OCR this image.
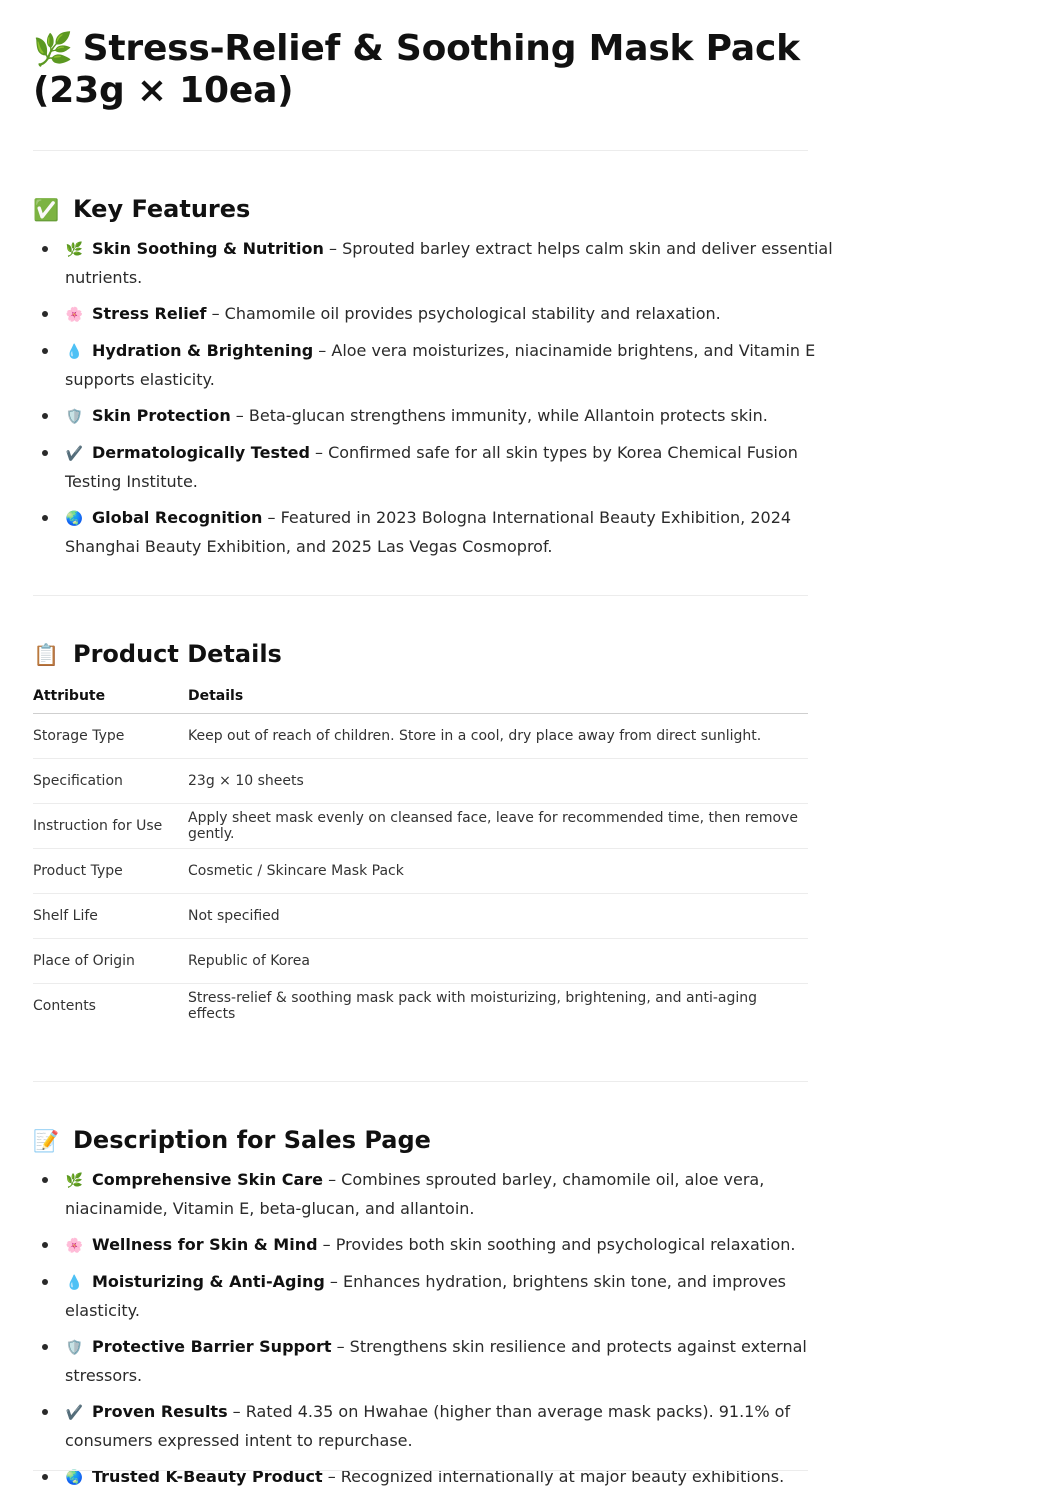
🌿 Stress-Relief & Soothing Mask Pack (23g × 10ea)
✅ Key Features
🌿 Skin Soothing & Nutrition – Sprouted barley extract helps calm skin and deliver essential nutrients.
🌸 Stress Relief – Chamomile oil provides psychological stability and relaxation.
💧 Hydration & Brightening – Aloe vera moisturizes, niacinamide brightens, and Vitamin E supports elasticity.
🛡️ Skin Protection – Beta-glucan strengthens immunity, while Allantoin protects skin.
✔️ Dermatologically Tested – Confirmed safe for all skin types by Korea Chemical Fusion Testing Institute.
🌏 Global Recognition – Featured in 2023 Bologna International Beauty Exhibition, 2024 Shanghai Beauty Exhibition, and 2025 Las Vegas Cosmoprof.
📋 Product Details
Attribute	Details
Storage Type	Keep out of reach of children. Store in a cool, dry place away from direct sunlight.
Specification	23g × 10 sheets
Instruction for Use	Apply sheet mask evenly on cleansed face, leave for recommended time, then remove gently.
Product Type	Cosmetic / Skincare Mask Pack
Shelf Life	Not specified
Place of Origin	Republic of Korea
Contents	Stress-relief & soothing mask pack with moisturizing, brightening, and anti-aging effects
📝 Description for Sales Page
🌿 Comprehensive Skin Care – Combines sprouted barley, chamomile oil, aloe vera, niacinamide, Vitamin E, beta-glucan, and allantoin.
🌸 Wellness for Skin & Mind – Provides both skin soothing and psychological relaxation.
💧 Moisturizing & Anti-Aging – Enhances hydration, brightens skin tone, and improves elasticity.
🛡️ Protective Barrier Support – Strengthens skin resilience and protects against external stressors.
✔️ Proven Results – Rated 4.35 on Hwahae (higher than average mask packs). 91.1% of consumers expressed intent to repurchase.
🌏 Trusted K-Beauty Product – Recognized internationally at major beauty exhibitions.
